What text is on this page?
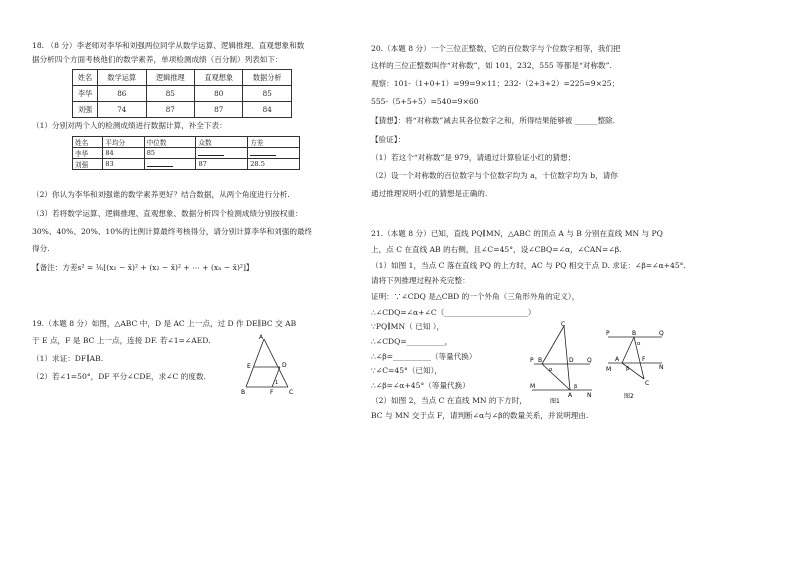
18. （8 分）李老师对李华和刘强两位同学从数学运算、逻辑推理、直观想象和数
据分析四个方面考核他们的数学素养，单项检测成绩（百分制）列表如下：
姓名	数学运算	逻辑推理	直观想象	数据分析
李华	86	85	80	85
刘强	74	87	87	84
（1）分别对两个人的检测成绩进行数据计算，补全下表：
姓名	平均分	中位数	众数	方差
李华	84	85		
刘强	83		87	28.5
（2）你认为李华和刘强谁的数学素养更好？结合数据，从两个角度进行分析.
（3）若将数学运算、逻辑推理、直观想象、数据分析四个检测成绩分别按权重：
30%、40%、20%、10%的比例计算最终考核得分，请分别计算李华和刘强的最终
得分.
【备注：方差s² = ¹⁄ₙ[(x₁ − x̄)² + (x₂ − x̄)² + ⋯ + (xₙ − x̄)²]】
19.（本题 8 分）如图，△ABC 中，D 是 AC 上一点，过 D 作 DE∥BC 交 AB
于 E 点，F 是 BC 上一点，连接 DF. 若∠1=∠AED.
（1）求证：DF∥AB.
（2）若∠1=50°，DF 平分∠CDE，求∠C 的度数.
A
E	D
B	F	C
1
20.（本题 8 分）一个三位正整数，它的百位数字与个位数字相等，我们把
这样的三位正整数叫作“对称数”，如 101，232，555 等都是“对称数”.
观察：101-（1+0+1）=99=9×11；232-（2+3+2）=225=9×25；
555-（5+5+5）=540=9×60
【猜想】：将“对称数”减去其各位数字之和，所得结果能够被 ______整除.
【验证】：
（1）若这个“对称数”是 979，请通过计算验证小红的猜想；
（2）设一个对称数的百位数字与个位数字均为 a，十位数字均为 b，请你
通过推理说明小红的猜想是正确的.
21.（本题 8 分）已知，直线 PQ∥MN，△ABC 的顶点 A 与 B 分别在直线 MN 与 PQ
上，点 C 在直线 AB 的右侧，且∠C=45°，设∠CBQ=∠α，∠CAN=∠β.
（1）如图 1，当点 C 落在直线 PQ 的上方时，AC 与 PQ 相交于点 D. 求证：∠β=∠α+45°.
请将下列推理过程补充完整：
证明：∵∠CDQ 是△CBD 的一个外角（三角形外角的定义），
∴∠CDQ=∠α+∠C（______________________）
∵PQ∥MN（ 已知 ），
∴∠CDQ=__________，
∴∠β=__________（等量代换）
∵∠C=45°（已知），
∴∠β=∠α+45°（等量代换）
（2）如图 2，当点 C 在直线 MN 的下方时，
BC 与 MN 交于点 F，请判断∠α与∠β的数量关系，并说明理由.
C
P B	D Q
M
A N
α
β
图1
P	B	Q
A	F
N
M
C
α
β
图2
